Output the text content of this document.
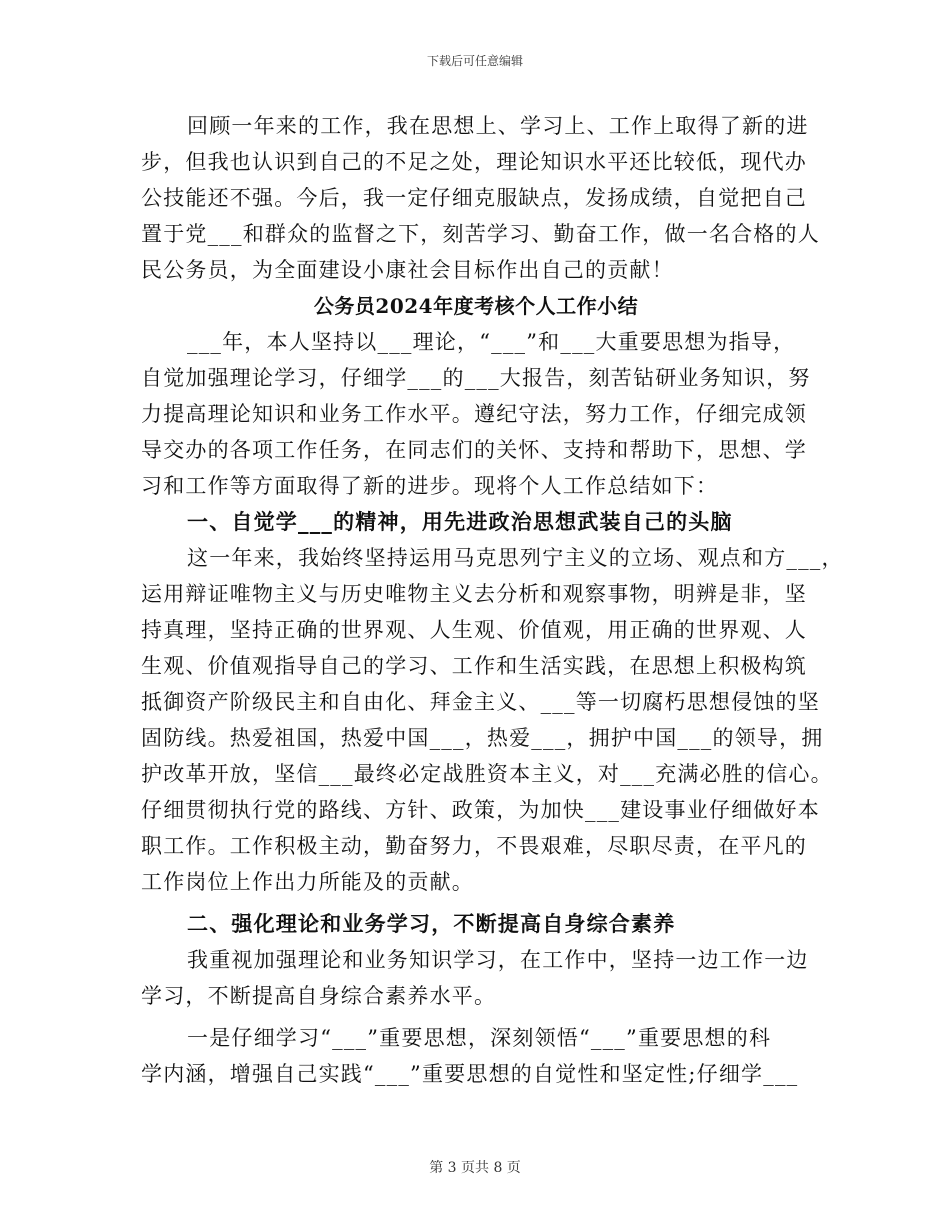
下载后可任意编辑
回顾一年来的工作，我在思想上、学习上、工作上取得了新的进
步，但我也认识到自己的不足之处，理论知识水平还比较低，现代办
公技能还不强。今后，我一定仔细克服缺点，发扬成绩，自觉把自己
置于党___和群众的监督之下，刻苦学习、勤奋工作，做一名合格的人
民公务员，为全面建设小康社会目标作出自己的贡献！
公务员2024年度考核个人工作小结
___年，本人坚持以___理论，“___”和___大重要思想为指导，
自觉加强理论学习，仔细学___的___大报告，刻苦钻研业务知识，努
力提高理论知识和业务工作水平。遵纪守法，努力工作，仔细完成领
导交办的各项工作任务，在同志们的关怀、支持和帮助下，思想、学
习和工作等方面取得了新的进步。现将个人工作总结如下：
一、自觉学___的精神，用先进政治思想武装自己的头脑
这一年来，我始终坚持运用马克思列宁主义的立场、观点和方___，
运用辩证唯物主义与历史唯物主义去分析和观察事物，明辨是非，坚
持真理，坚持正确的世界观、人生观、价值观，用正确的世界观、人
生观、价值观指导自己的学习、工作和生活实践，在思想上积极构筑
抵御资产阶级民主和自由化、拜金主义、___等一切腐朽思想侵蚀的坚
固防线。热爱祖国，热爱中国___，热爱___，拥护中国___的领导，拥
护改革开放，坚信___最终必定战胜资本主义，对___充满必胜的信心。
仔细贯彻执行党的路线、方针、政策，为加快___建设事业仔细做好本
职工作。工作积极主动，勤奋努力，不畏艰难，尽职尽责，在平凡的
工作岗位上作出力所能及的贡献。
二、强化理论和业务学习，不断提高自身综合素养
我重视加强理论和业务知识学习，在工作中，坚持一边工作一边
学习，不断提高自身综合素养水平。
一是仔细学习“___”重要思想，深刻领悟“___”重要思想的科
学内涵，增强自己实践“___”重要思想的自觉性和坚定性;仔细学___
第 3 页共 8 页
